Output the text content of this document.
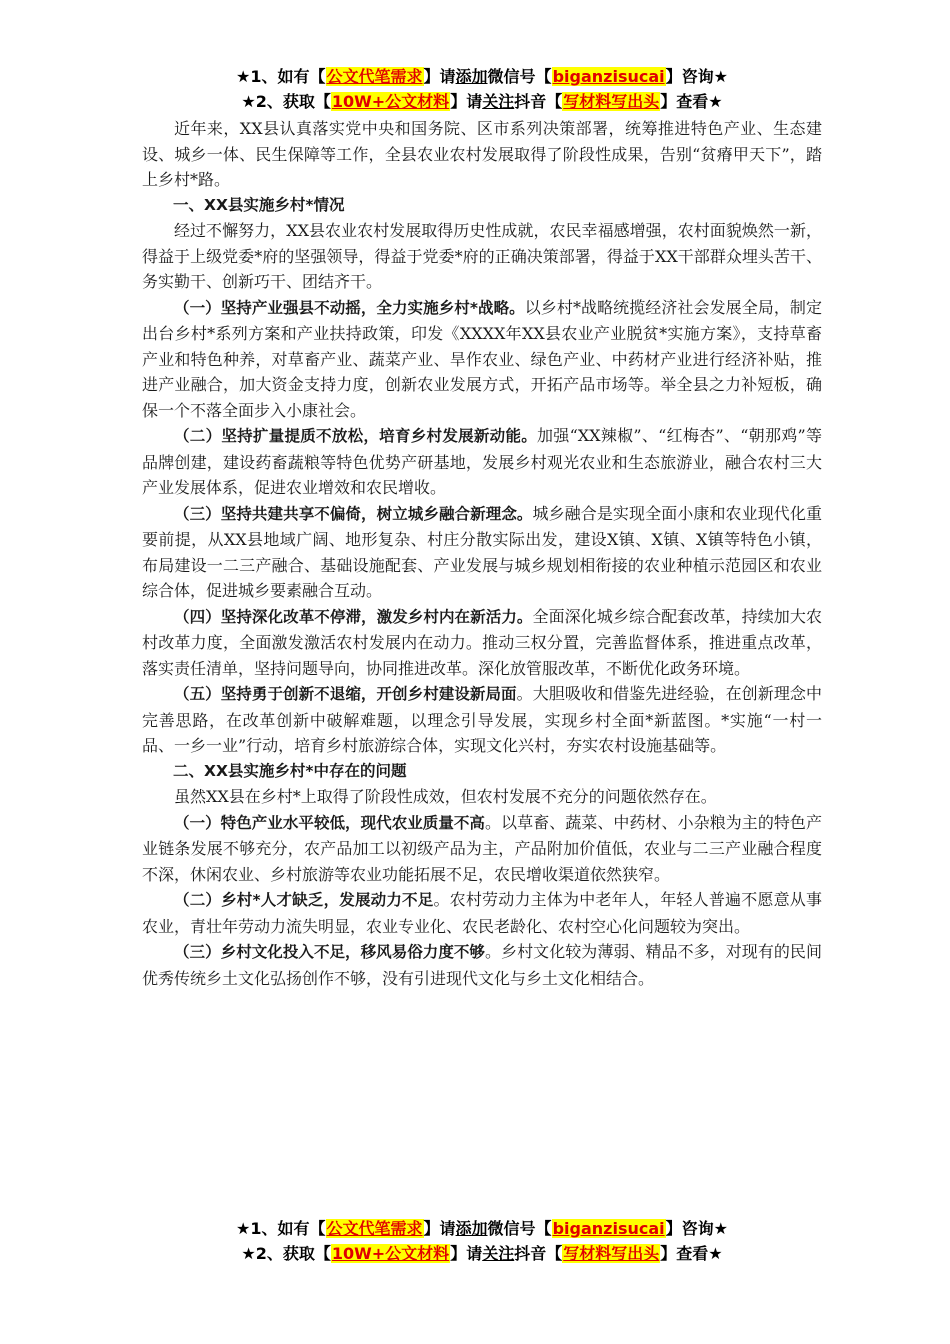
★1、如有【公文代笔需求】请添加微信号【biganzisucai】咨询★
★2、获取【10W+公文材料】请关注抖音【写材料写出头】查看★

近年来，XX县认真落实党中央和国务院、区市系列决策部署，统筹推进特色产业、生态建设、城乡一体、民生保障等工作，全县农业农村发展取得了阶段性成果，告别“贫瘠甲天下”，踏上乡村*路。

一、XX县实施乡村*情况

经过不懈努力，XX县农业农村发展取得历史性成就，农民幸福感增强，农村面貌焕然一新，得益于上级党委*府的坚强领导，得益于党委*府的正确决策部署，得益于XX干部群众埋头苦干、务实勤干、创新巧干、团结齐干。

（一）坚持产业强县不动摇，全力实施乡村*战略。以乡村*战略统揽经济社会发展全局，制定出台乡村*系列方案和产业扶持政策，印发《XXXX年XX县农业产业脱贫*实施方案》，支持草畜产业和特色种养，对草畜产业、蔬菜产业、旱作农业、绿色产业、中药材产业进行经济补贴，推进产业融合，加大资金支持力度，创新农业发展方式，开拓产品市场等。举全县之力补短板，确保一个不落全面步入小康社会。

（二）坚持扩量提质不放松，培育乡村发展新动能。加强“XX辣椒”、“红梅杏”、“朝那鸡”等品牌创建，建设药畜蔬粮等特色优势产研基地，发展乡村观光农业和生态旅游业，融合农村三大产业发展体系，促进农业增效和农民增收。

（三）坚持共建共享不偏倚，树立城乡融合新理念。城乡融合是实现全面小康和农业现代化重要前提，从XX县地域广阔、地形复杂、村庄分散实际出发，建设X镇、X镇、X镇等特色小镇，布局建设一二三产融合、基础设施配套、产业发展与城乡规划相衔接的农业种植示范园区和农业综合体，促进城乡要素融合互动。

（四）坚持深化改革不停滞，激发乡村内在新活力。全面深化城乡综合配套改革，持续加大农村改革力度，全面激发激活农村发展内在动力。推动三权分置，完善监督体系，推进重点改革，落实责任清单，坚持问题导向，协同推进改革。深化放管服改革，不断优化政务环境。

（五）坚持勇于创新不退缩，开创乡村建设新局面。大胆吸收和借鉴先进经验，在创新理念中完善思路，在改革创新中破解难题，以理念引导发展，实现乡村全面*新蓝图。*实施“一村一品、一乡一业”行动，培育乡村旅游综合体，实现文化兴村，夯实农村设施基础等。

二、XX县实施乡村*中存在的问题

虽然XX县在乡村*上取得了阶段性成效，但农村发展不充分的问题依然存在。

（一）特色产业水平较低，现代农业质量不高。以草畜、蔬菜、中药材、小杂粮为主的特色产业链条发展不够充分，农产品加工以初级产品为主，产品附加价值低，农业与二三产业融合程度不深，休闲农业、乡村旅游等农业功能拓展不足，农民增收渠道依然狭窄。

（二）乡村*人才缺乏，发展动力不足。农村劳动力主体为中老年人，年轻人普遍不愿意从事农业，青壮年劳动力流失明显，农业专业化、农民老龄化、农村空心化问题较为突出。

（三）乡村文化投入不足，移风易俗力度不够。乡村文化较为薄弱、精品不多，对现有的民间优秀传统乡土文化弘扬创作不够，没有引进现代文化与乡土文化相结合。

★1、如有【公文代笔需求】请添加微信号【biganzisucai】咨询★
★2、获取【10W+公文材料】请关注抖音【写材料写出头】查看★
